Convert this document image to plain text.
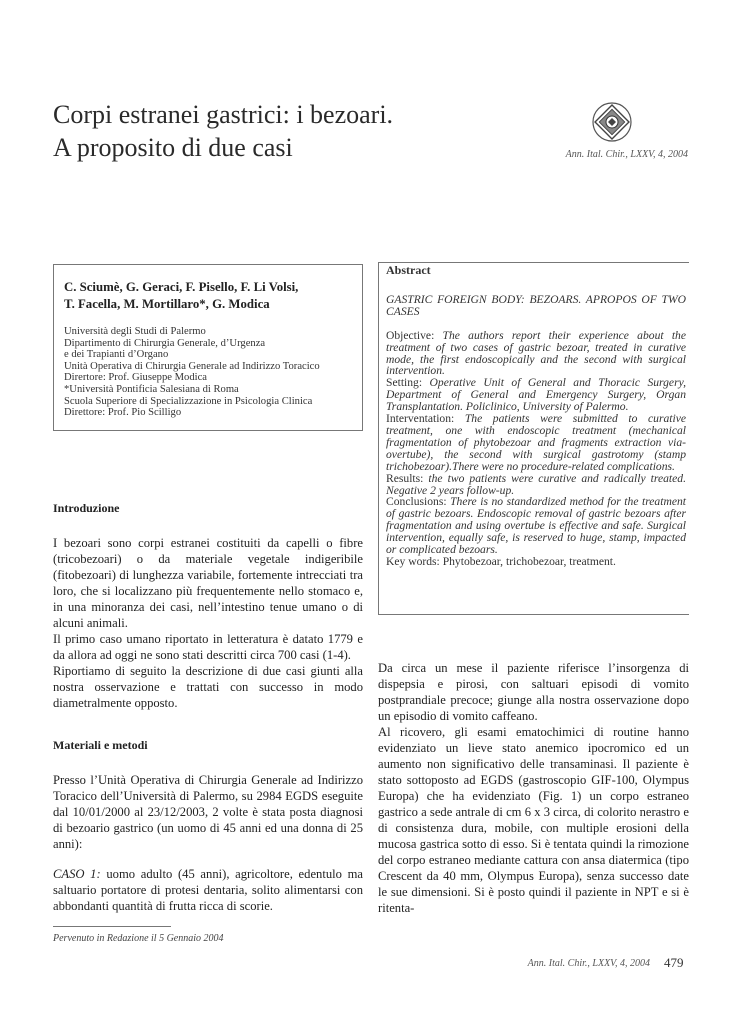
Corpi estranei gastrici: i bezoari.
A proposito di due casi	Ann. Ital. Chir., LXXV, 4, 2004
C. Sciumè, G. Geraci, F. Pisello, F. Li Volsi,
T. Facella, M. Mortillaro*, G. Modica
Università degli Studi di Palermo
Dipartimento di Chirurgia Generale, d’Urgenza
e dei Trapianti d’Organo
Unità Operativa di Chirurgia Generale ad Indirizzo Toracico
Dirertore: Prof. Giuseppe Modica
*Università Pontificia Salesiana di Roma
Scuola Superiore di Specializzazione in Psicologia Clinica
Direttore: Prof. Pio Scilligo
Abstract
GASTRIC FOREIGN BODY: BEZOARS. APROPOS OF TWO CASES

Objective: The authors report their experience about the treatment of two cases of gastric bezoar, treated in curative mode, the first endoscopically and the second with surgical intervention.

Setting: Operative Unit of General and Thoracic Surgery, Department of General and Emergency Surgery, Organ Transplantation. Policlinico, University of Palermo.

Interventation: The patients were submitted to curative treatment, one with endoscopic treatment (mechanical fragmentation of phytobezoar and fragments extraction via-overtube), the second with surgical gastrotomy (stamp trichobezoar).There were no procedure-related complications.

Results: the two patients were curative and radically treated. Negative 2 years follow-up.

Conclusions: There is no standardized method for the treatment of gastric bezoars. Endoscopic removal of gastric bezoars after fragmentation and using overtube is effective and safe. Surgical intervention, equally safe, is reserved to huge, stamp, impacted or complicated bezoars.

Key words: Phytobezoar, trichobezoar, treatment.

Introduzione

I bezoari sono corpi estranei costituiti da capelli o fibre (tricobezoari) o da materiale vegetale indigeribile (fitobezoari) di lunghezza variabile, fortemente intrecciati tra loro, che si localizzano più frequentemente nello stomaco e, in una minoranza dei casi, nell’intestino tenue umano o di alcuni animali.

Il primo caso umano riportato in letteratura è datato 1779 e da allora ad oggi ne sono stati descritti circa 700 casi (1-4).

Riportiamo di seguito la descrizione di due casi giunti alla nostra osservazione e trattati con successo in modo diametralmente opposto.

Materiali e metodi

Presso l’Unità Operativa di Chirurgia Generale ad Indirizzo Toracico dell’Università di Palermo, su 2984 EGDS eseguite dal 10/01/2000 al 23/12/2003, 2 volte è stata posta diagnosi di bezoario gastrico (un uomo di 45 anni ed una donna di 25 anni):

CASO 1: uomo adulto (45 anni), agricoltore, edentulo ma saltuario portatore di protesi dentaria, solito alimentarsi con abbondanti quantità di frutta ricca di scorie.

Da circa un mese il paziente riferisce l’insorgenza di dispepsia e pirosi, con saltuari episodi di vomito postprandiale precoce; giunge alla nostra osservazione dopo un episodio di vomito caffeano.

Al ricovero, gli esami ematochimici di routine hanno evidenziato un lieve stato anemico ipocromico ed un aumento non significativo delle transaminasi. Il paziente è stato sottoposto ad EGDS (gastroscopio GIF-100, Olympus Europa) che ha evidenziato (Fig. 1) un corpo estraneo gastrico a sede antrale di cm 6 x 3 circa, di colorito nerastro e di consistenza dura, mobile, con multiple erosioni della mucosa gastrica sotto di esso. Si è tentata quindi la rimozione del corpo estraneo mediante cattura con ansa diatermica (tipo Crescent da 40 mm, Olympus Europa), senza successo date le sue dimensioni. Si è posto quindi il paziente in NPT e si è ritenta-

Pervenuto in Redazione il 5 Gennaio 2004
Ann. Ital. Chir., LXXV, 4, 2004 479
